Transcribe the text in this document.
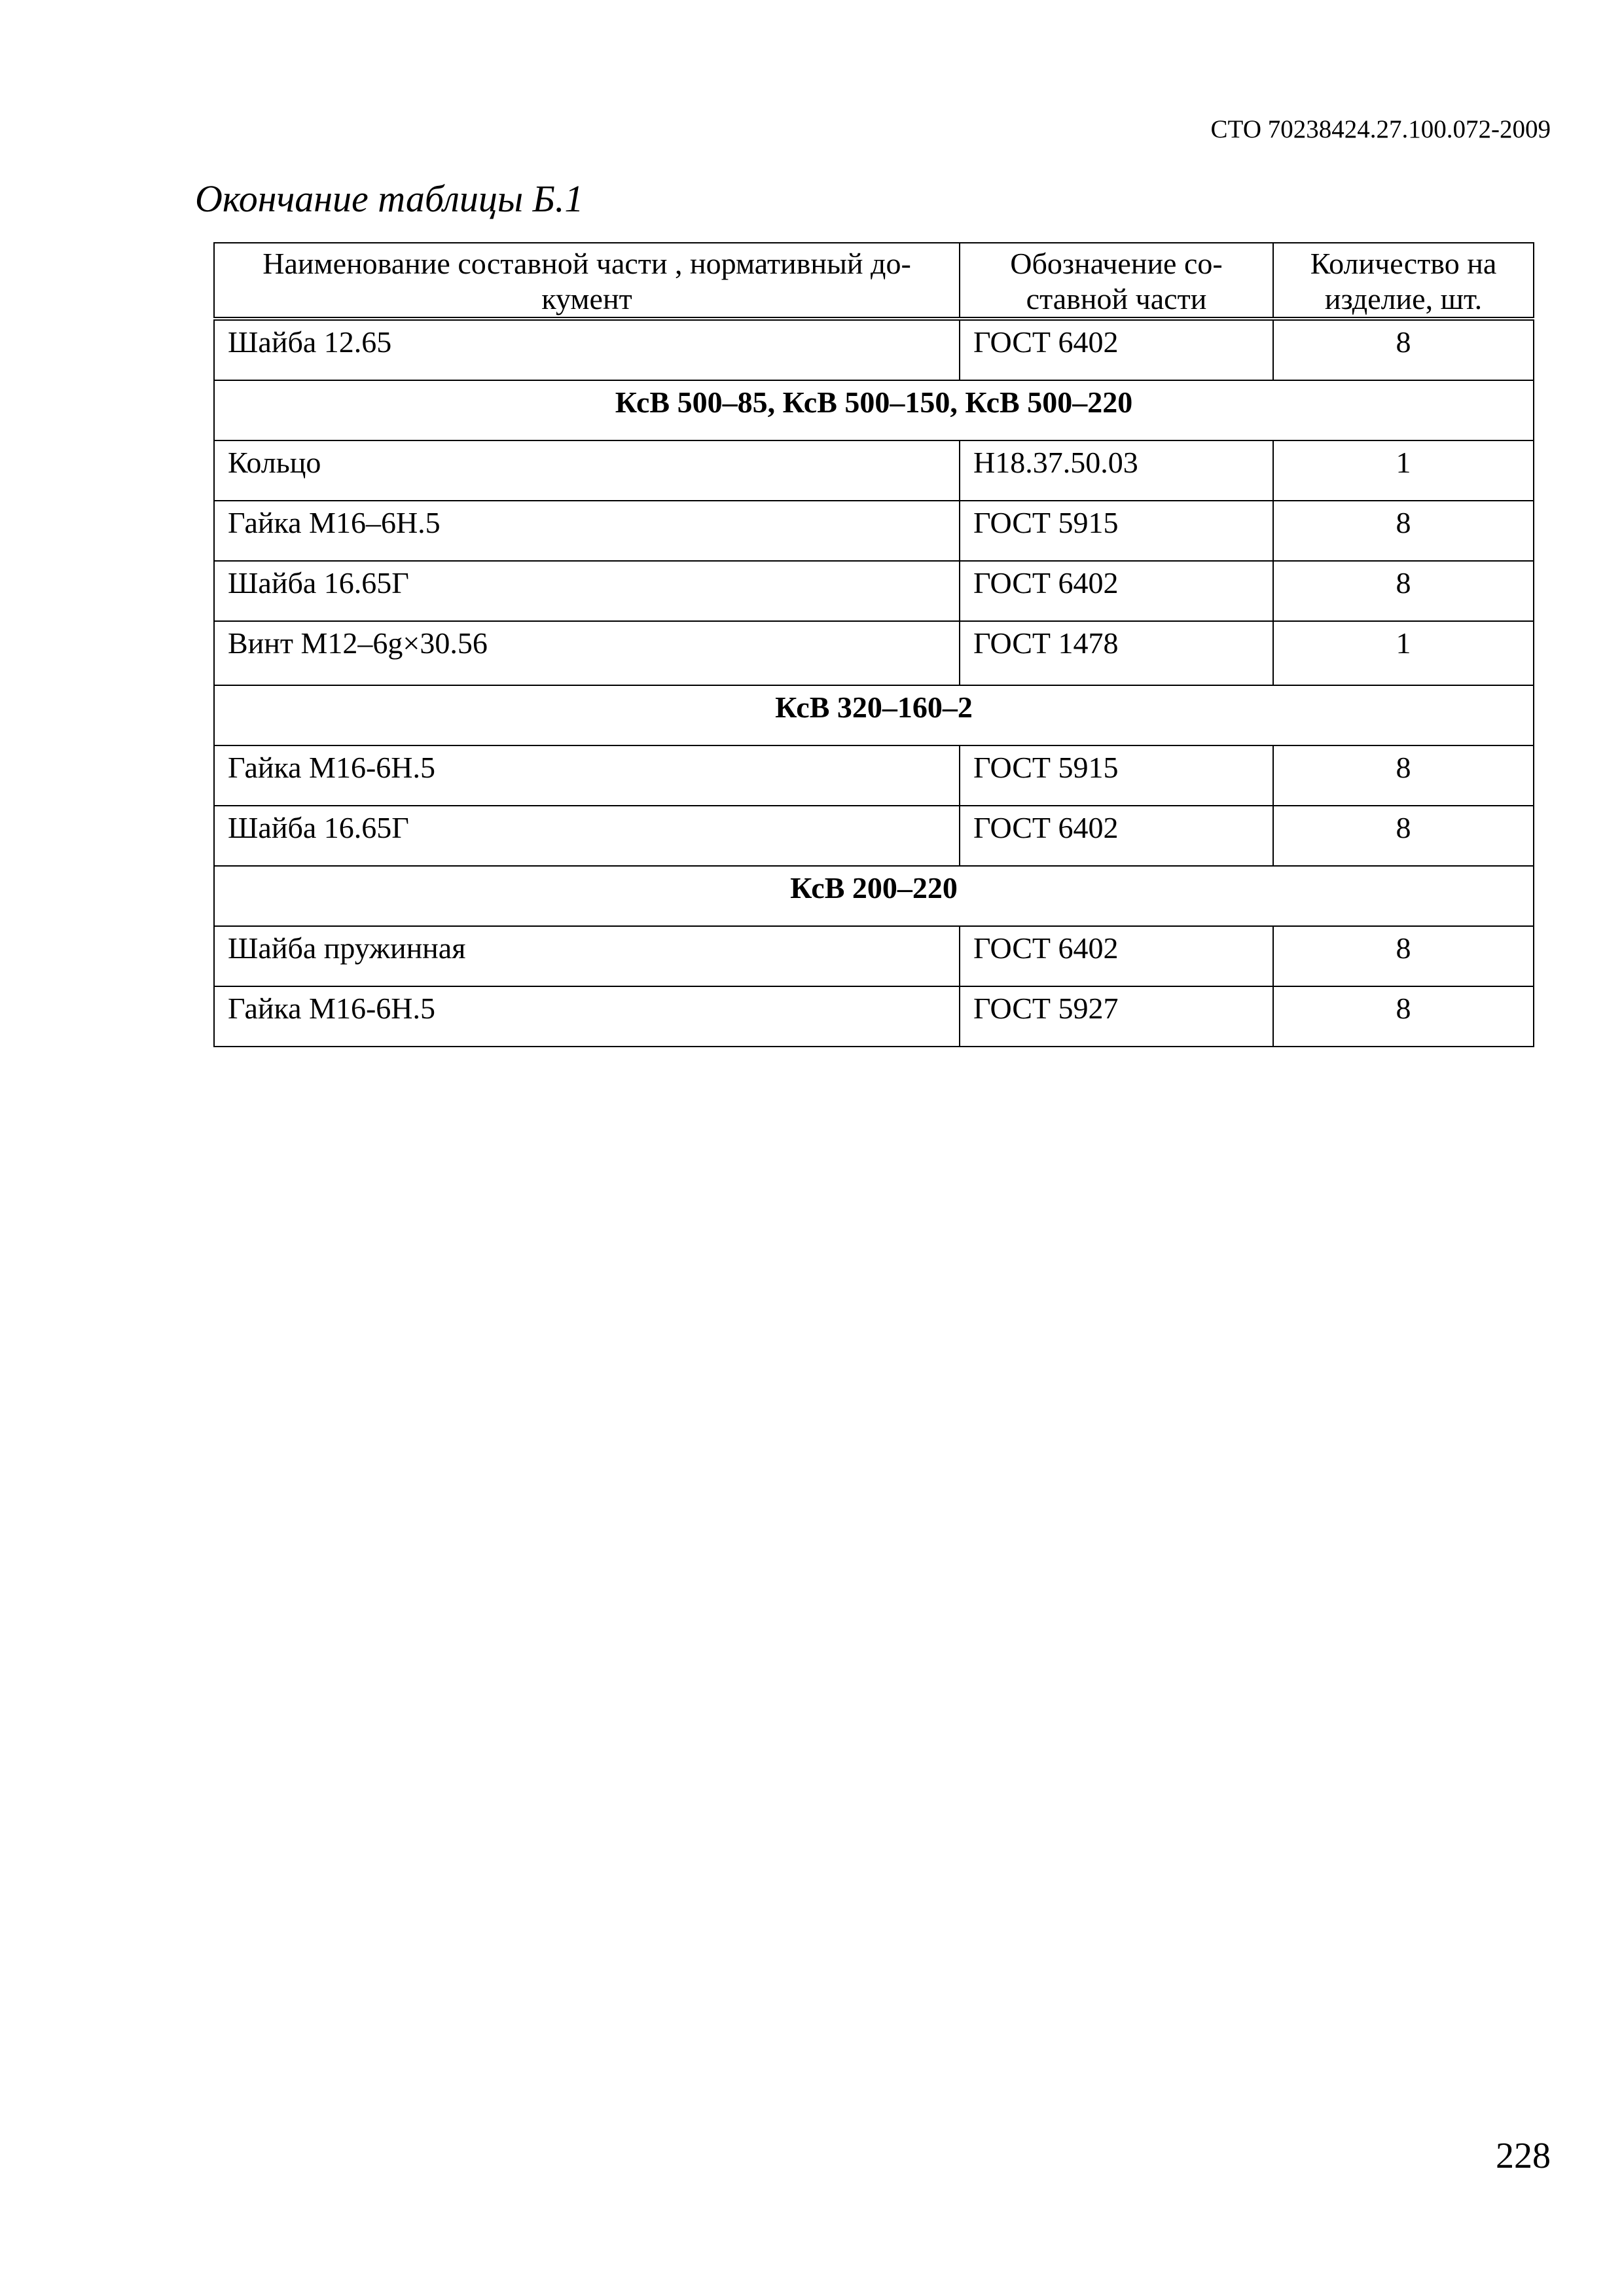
СТО 70238424.27.100.072-2009
Окончание таблицы Б.1
Наименование составной части , нормативный до-кумент	Обозначение со-ставной части	Количество на изделие, шт.
Шайба 12.65	ГОСТ 6402	8
КсВ 500–85, КсВ 500–150, КсВ 500–220		
Кольцо	Н18.37.50.03	1
Гайка М16–6Н.5	ГОСТ 5915	8
Шайба 16.65Г	ГОСТ 6402	8
Винт М12–6g×30.56	ГОСТ 1478	1
КсВ 320–160–2		
Гайка М16-6Н.5	ГОСТ 5915	8
Шайба 16.65Г	ГОСТ 6402	8
КсВ 200–220		
Шайба пружинная	ГОСТ 6402	8
Гайка М16-6Н.5	ГОСТ 5927	8
228
